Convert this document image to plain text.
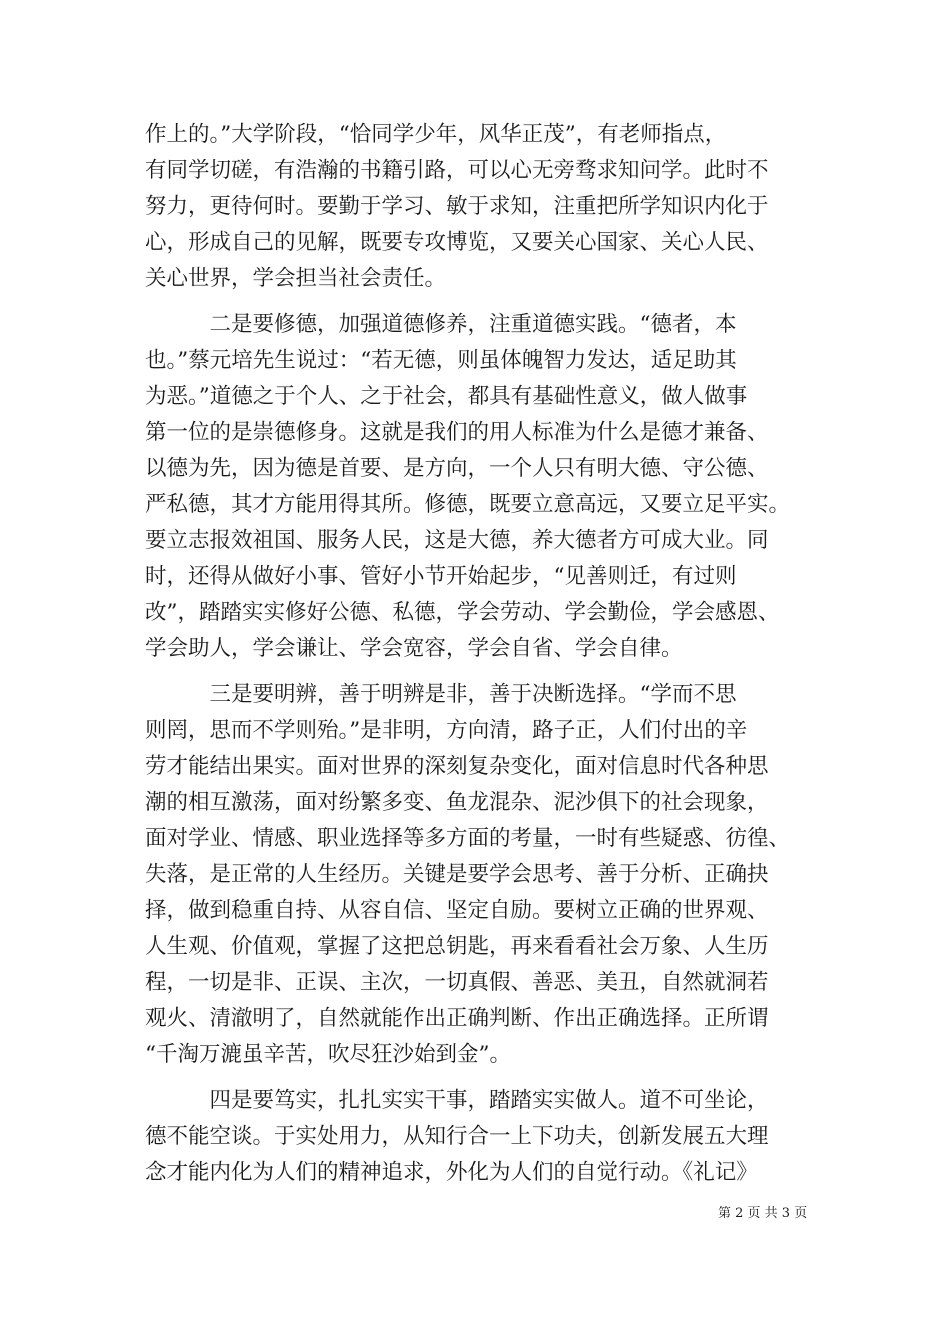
作上的。”大学阶段，“恰同学少年，风华正茂”，有老师指点，
有同学切磋，有浩瀚的书籍引路，可以心无旁骛求知问学。此时不
努力，更待何时。要勤于学习、敏于求知，注重把所学知识内化于
心，形成自己的见解，既要专攻博览，又要关心国家、关心人民、
关心世界，学会担当社会责任。
　　　二是要修德，加强道德修养，注重道德实践。“德者，本
也。”蔡元培先生说过：“若无德，则虽体魄智力发达，适足助其
为恶。”道德之于个人、之于社会，都具有基础性意义，做人做事
第一位的是崇德修身。这就是我们的用人标准为什么是德才兼备、
以德为先，因为德是首要、是方向，一个人只有明大德、守公德、
严私德，其才方能用得其所。修德，既要立意高远，又要立足平实。
要立志报效祖国、服务人民，这是大德，养大德者方可成大业。同
时，还得从做好小事、管好小节开始起步，“见善则迁，有过则
改”，踏踏实实修好公德、私德，学会劳动、学会勤俭，学会感恩、
学会助人，学会谦让、学会宽容，学会自省、学会自律。
　　　三是要明辨，善于明辨是非，善于决断选择。“学而不思
则罔，思而不学则殆。”是非明，方向清，路子正，人们付出的辛
劳才能结出果实。面对世界的深刻复杂变化，面对信息时代各种思
潮的相互激荡，面对纷繁多变、鱼龙混杂、泥沙俱下的社会现象，
面对学业、情感、职业选择等多方面的考量，一时有些疑惑、彷徨、
失落，是正常的人生经历。关键是要学会思考、善于分析、正确抉
择，做到稳重自持、从容自信、坚定自励。要树立正确的世界观、
人生观、价值观，掌握了这把总钥匙，再来看看社会万象、人生历
程，一切是非、正误、主次，一切真假、善恶、美丑，自然就洞若
观火、清澈明了，自然就能作出正确判断、作出正确选择。正所谓
“千淘万漉虽辛苦，吹尽狂沙始到金”。
　　　四是要笃实，扎扎实实干事，踏踏实实做人。道不可坐论，
德不能空谈。于实处用力，从知行合一上下功夫，创新发展五大理
念才能内化为人们的精神追求，外化为人们的自觉行动。《礼记》
第 2 页 共 3 页
